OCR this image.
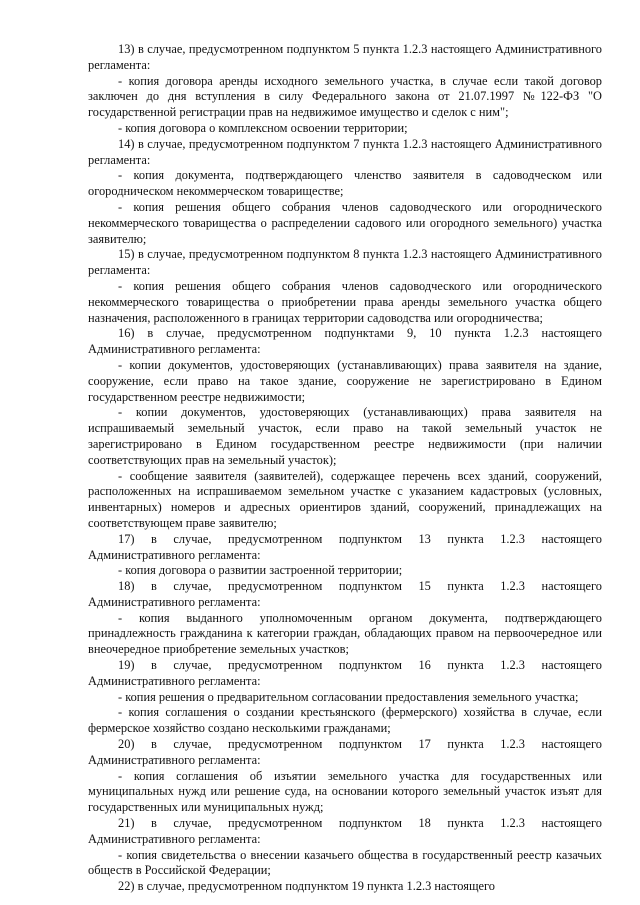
13) в случае, предусмотренном подпунктом 5 пункта 1.2.3 настоящего Административного регламента:

- копия договора аренды исходного земельного участка, в случае если такой договор заключен до дня вступления в силу Федерального закона от 21.07.1997 №122-ФЗ "О государственной регистрации прав на недвижимое имущество и сделок с ним";

- копия договора о комплексном освоении территории;

14) в случае, предусмотренном подпунктом 7 пункта 1.2.3 настоящего Административного регламента:

- копия документа, подтверждающего членство заявителя в садоводческом или огородническом некоммерческом товариществе;

- копия решения общего собрания членов садоводческого или огороднического некоммерческого товарищества о распределении садового или огородного земельного) участка заявителю;

15) в случае, предусмотренном подпунктом 8 пункта 1.2.3 настоящего Административного регламента:

- копия решения общего собрания членов садоводческого или огороднического некоммерческого товарищества о приобретении права аренды земельного участка общего назначения, расположенного в границах территории садоводства или огородничества;

16) в случае, предусмотренном подпунктами 9, 10 пункта 1.2.3 настоящего Административного регламента:

- копии документов, удостоверяющих (устанавливающих) права заявителя на здание, сооружение, если право на такое здание, сооружение не зарегистрировано в Едином государственном реестре недвижимости;

- копии документов, удостоверяющих (устанавливающих) права заявителя на испрашиваемый земельный участок, если право на такой земельный участок не зарегистрировано в Едином государственном реестре недвижимости (при наличии соответствующих прав на земельный участок);

- сообщение заявителя (заявителей), содержащее перечень всех зданий, сооружений, расположенных на испрашиваемом земельном участке с указанием кадастровых (условных, инвентарных) номеров и адресных ориентиров зданий, сооружений, принадлежащих на соответствующем праве заявителю;

17) в случае, предусмотренном подпунктом 13 пункта 1.2.3 настоящего Административного регламента:

- копия договора о развитии застроенной территории;

18) в случае, предусмотренном подпунктом 15 пункта 1.2.3 настоящего Административного регламента:

- копия выданного уполномоченным органом документа, подтверждающего принадлежность гражданина к категории граждан, обладающих правом на первоочередное или внеочередное приобретение земельных участков;

19) в случае, предусмотренном подпунктом 16 пункта 1.2.3 настоящего Административного регламента:

- копия решения о предварительном согласовании предоставления земельного участка;

- копия соглашения о создании крестьянского (фермерского) хозяйства в случае, если фермерское хозяйство создано несколькими гражданами;

20) в случае, предусмотренном подпунктом 17 пункта 1.2.3 настоящего Административного регламента:

- копия соглашения об изъятии земельного участка для государственных или муниципальных нужд или решение суда, на основании которого земельный участок изъят для государственных или муниципальных нужд;

21) в случае, предусмотренном подпунктом 18 пункта 1.2.3 настоящего Административного регламента:

- копия свидетельства о внесении казачьего общества в государственный реестр казачьих обществ в Российской Федерации;

22) в случае, предусмотренном подпунктом 19 пункта 1.2.3 настоящего
